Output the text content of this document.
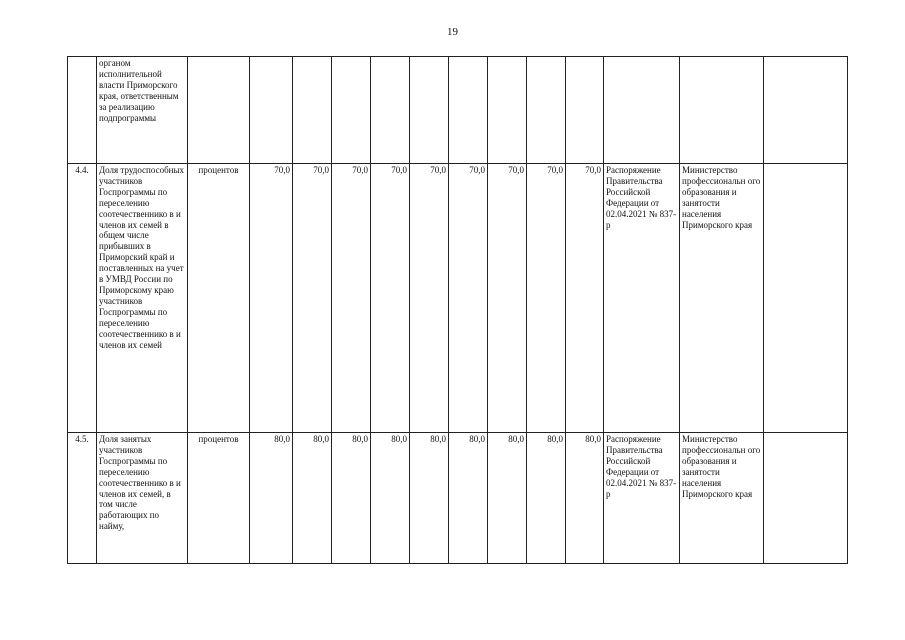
19
	органом исполнительной власти Приморского края, ответственным за реализацию подпрограммы													
4.4.	Доля трудоспособных участников Госпрограммы по переселению соотечественнико в и членов их семей в общем числе прибывших в Приморский край и поставленных на учет в УМВД России по Приморскому краю участников Госпрограммы по переселению соотечественнико в и членов их семей	процентов	70,0	70,0	70,0	70,0	70,0	70,0	70,0	70,0	70,0	Распоряжение Правительства Российской Федерации от 02.04.2021 № 837-р	Министерство профессиональн ого образования и занятости населения Приморского края	
4.5.	Доля занятых участников Госпрограммы по переселению соотечественнико в и членов их семей, в том числе работающих по найму,	процентов	80,0	80,0	80,0	80,0	80,0	80,0	80,0	80,0	80,0	Распоряжение Правительства Российской Федерации от 02.04.2021 № 837-р	Министерство профессиональн ого образования и занятости населения Приморского края	
